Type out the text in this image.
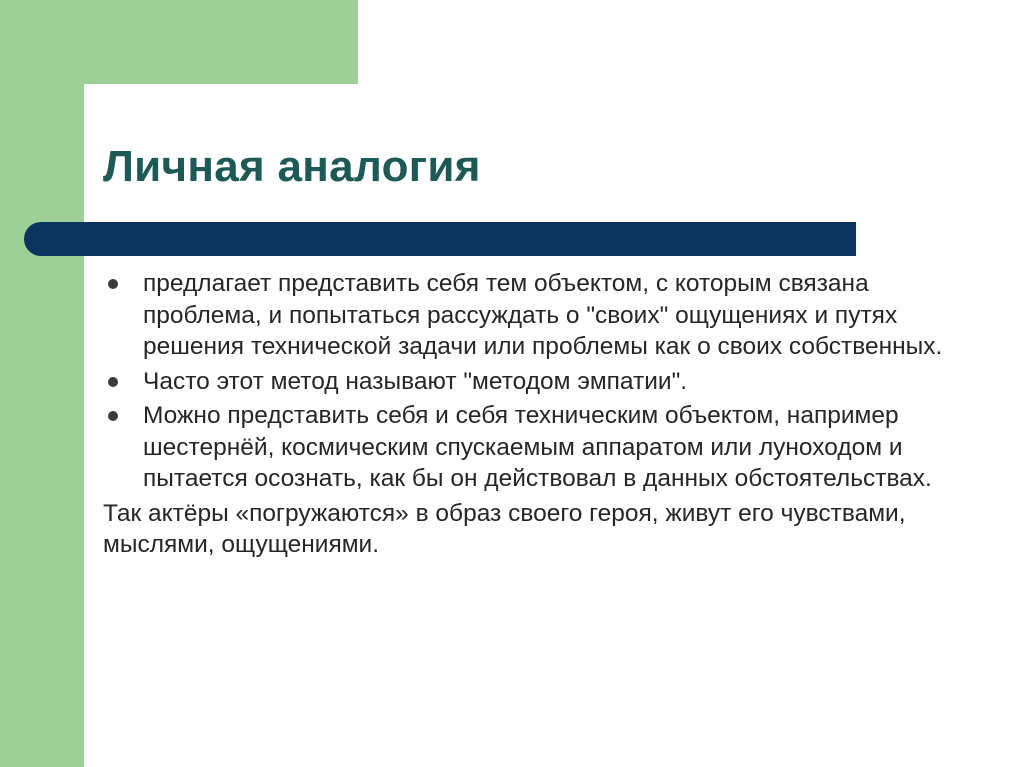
Личная аналогия
предлагает представить себя тем объектом, с которым связана проблема, и попытаться рассуждать о "своих" ощущениях и путях решения технической задачи или проблемы как о своих собственных.
Часто этот метод называют "методом эмпатии".
Можно представить себя и себя техническим объектом, например шестернёй, космическим спускаемым аппаратом или луноходом и пытается осознать, как бы он действовал в данных обстоятельствах.

Так актёры «погружаются» в образ своего героя, живут его чувствами, мыслями, ощущениями.
